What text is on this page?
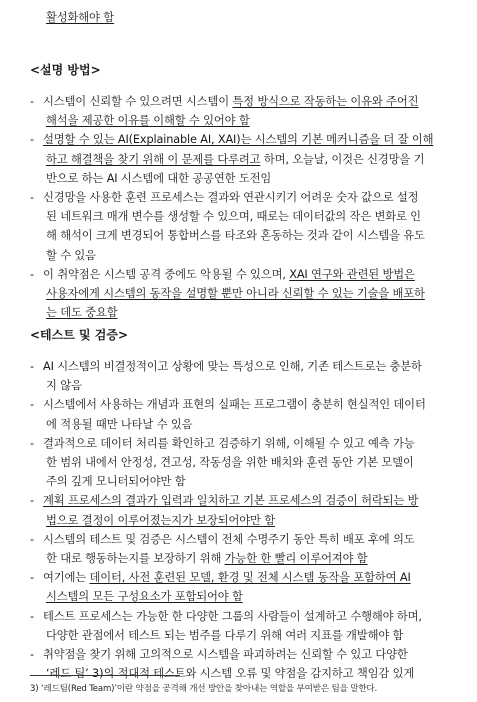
활성화해야 함
<설명 방법>
- 시스템이 신뢰할 수 있으려면 시스템이 특정 방식으로 작동하는 이유와 주어진
해석을 제공한 이유를 이해할 수 있어야 함
- 설명할 수 있는 AI(Explainable AI, XAI)는 시스템의 기본 메커니즘을 더 잘 이해
하고 해결책을 찾기 위해 이 문제를 다루려고 하며, 오늘날, 이것은 신경망을 기
반으로 하는 AI 시스템에 대한 공공연한 도전임
- 신경망을 사용한 훈련 프로세스는 결과와 연관시키기 어려운 숫자 값으로 설정
된 네트워크 매개 변수를 생성할 수 있으며, 때로는 데이터값의 작은 변화로 인
해 해석이 크게 변경되어 통합버스를 타조와 혼동하는 것과 같이 시스템을 유도
할 수 있음
- 이 취약점은 시스템 공격 중에도 악용될 수 있으며, XAI 연구와 관련된 방법은
사용자에게 시스템의 동작을 설명할 뿐만 아니라 신뢰할 수 있는 기술을 배포하
는 데도 중요함
<테스트 및 검증>
- AI 시스템의 비결정적이고 상황에 맞는 특성으로 인해, 기존 테스트로는 충분하
지 않음
- 시스템에서 사용하는 개념과 표현의 실패는 프로그램이 충분히 현실적인 데이터
에 적용될 때만 나타날 수 있음
- 결과적으로 데이터 처리를 확인하고 검증하기 위해, 이해될 수 있고 예측 가능
한 범위 내에서 안정성, 견고성, 작동성을 위한 배치와 훈련 동안 기본 모델이
주의 깊게 모니터되어야만 함
- 계획 프로세스의 결과가 입력과 일치하고 기본 프로세스의 검증이 허락되는 방
법으로 결정이 이루어졌는지가 보장되어야만 함
- 시스템의 테스트 및 검증은 시스템이 전체 수명주기 동안 특히 배포 후에 의도
한 대로 행동하는지를 보장하기 위해 가능한 한 빨리 이루어져야 함
- 여기에는 데이터, 사전 훈련된 모델, 환경 및 전체 시스템 동작을 포함하여 AI
시스템의 모든 구성요소가 포함되어야 함
- 테스트 프로세스는 가능한 한 다양한 그룹의 사람들이 설계하고 수행해야 하며,
다양한 관점에서 테스트 되는 범주를 다루기 위해 여러 지표를 개발해야 함
- 취약점을 찾기 위해 고의적으로 시스템을 파괴하려는 신뢰할 수 있고 다양한
‘레드 팀’ 3)의 적대적 테스트와 시스템 오류 및 약점을 감지하고 책임감 있게
3) ‘레드팀(Red Team)’이란 약점을 공격해 개선 방안을 찾아내는 역할을 부여받은 팀을 말한다.
